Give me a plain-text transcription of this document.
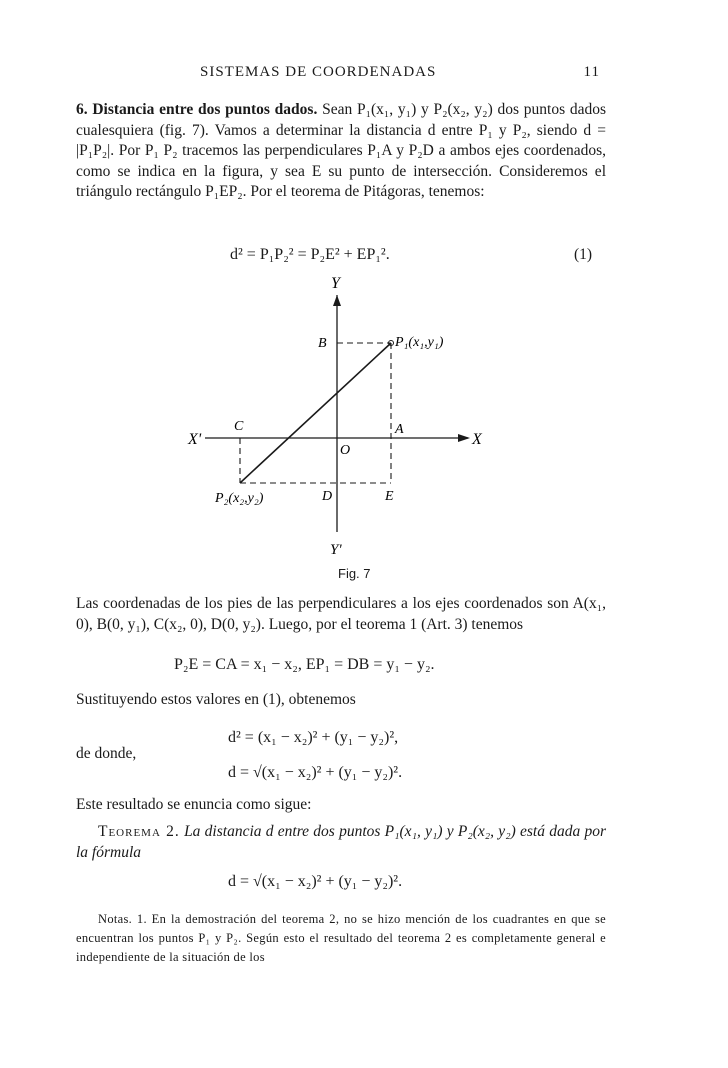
SISTEMAS DE COORDENADAS	11

6. Distancia entre dos puntos dados. Sean P₁(x₁, y₁) y P₂(x₂, y₂) dos puntos dados cualesquiera (fig. 7). Vamos a determinar la distancia d entre P₁ y P₂, siendo d = |P₁P₂|. Por P₁ P₂ tracemos las perpendiculares P₁A y P₂D a ambos ejes coordenados, como se indica en la figura, y sea E su punto de intersección. Consideremos el triángulo rectángulo P₁EP₂. Por el teorema de Pitágoras, tenemos:

d² = P₁P₂² = P₂E² + EP₁².	(1)
Y
Y'
X
X'
B
C	A
O
D	E
P₁(x₁,y₁)
P₂(x₂,y₂)
Fig. 7

Las coordenadas de los pies de las perpendiculares a los ejes coordenados son A(x₁, 0), B(0, y₁), C(x₂, 0), D(0, y₂). Luego, por el teorema 1 (Art. 3) tenemos

P₂E = CA = x₁ − x₂, EP₁ = DB = y₁ − y₂.

Sustituyendo estos valores en (1), obtenemos

d² = (x₁ − x₂)² + (y₁ − y₂)²,
de donde,
d = √(x₁ − x₂)² + (y₁ − y₂)².

Este resultado se enuncia como sigue:

Teorema 2. La distancia d entre dos puntos P₁(x₁, y₁) y P₂(x₂, y₂) está dada por la fórmula

d = √(x₁ − x₂)² + (y₁ − y₂)².

Notas. 1. En la demostración del teorema 2, no se hizo mención de los cuadrantes en que se encuentran los puntos P₁ y P₂. Según esto el resultado del teorema 2 es completamente general e independiente de la situación de los
